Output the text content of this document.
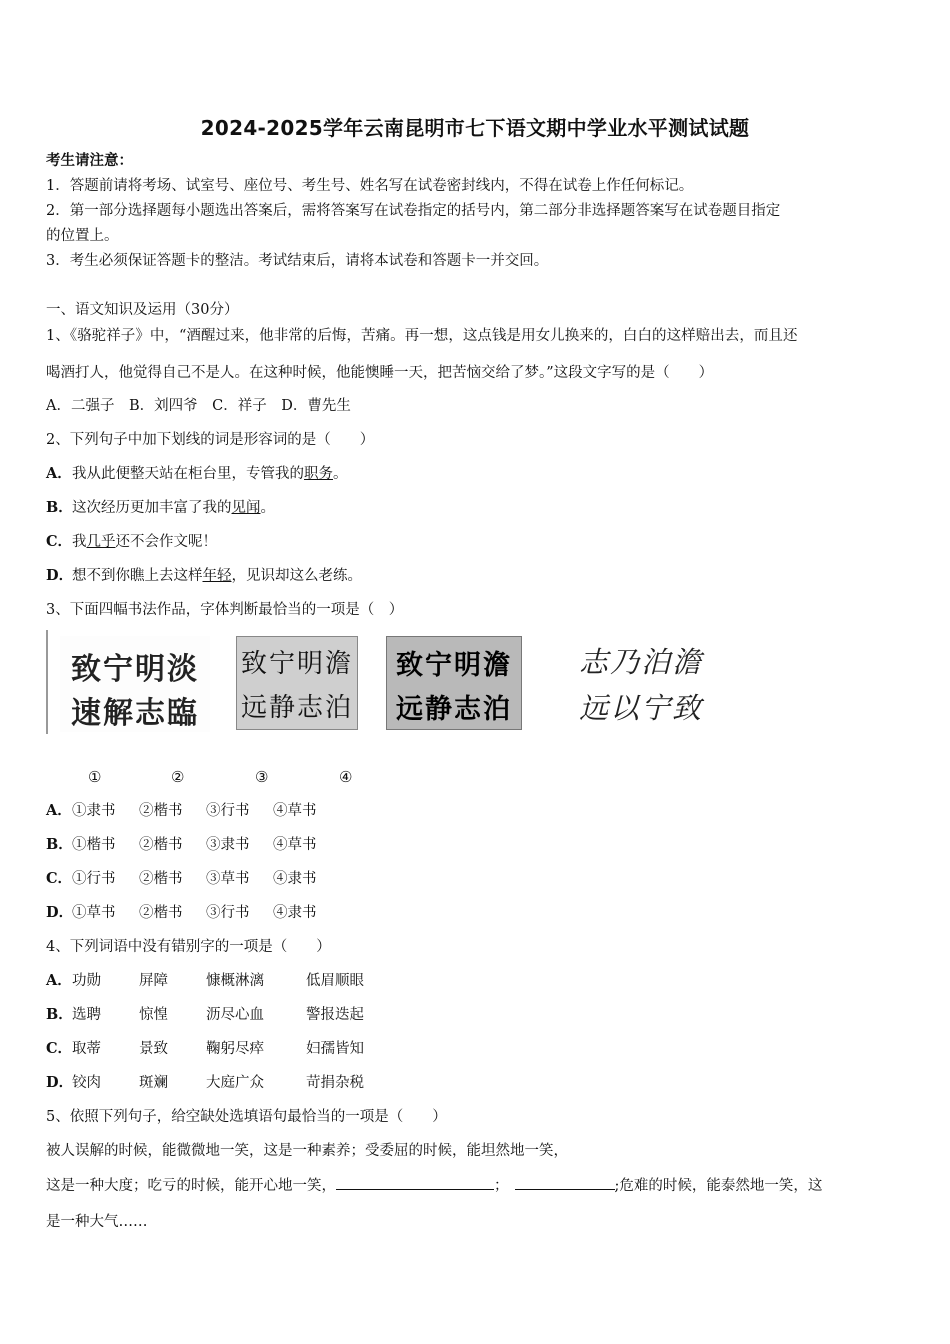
2024-2025学年云南昆明市七下语文期中学业水平测试试题
考生请注意：
1．答题前请将考场、试室号、座位号、考生号、姓名写在试卷密封线内，不得在试卷上作任何标记。
2．第一部分选择题每小题选出答案后，需将答案写在试卷指定的括号内，第二部分非选择题答案写在试卷题目指定
的位置上。
3．考生必须保证答题卡的整洁。考试结束后，请将本试卷和答题卡一并交回。
一、语文知识及运用（30分）
1、《骆驼祥子》中，“酒醒过来，他非常的后悔，苦痛。再一想，这点钱是用女儿换来的，白白的这样赔出去，而且还
喝酒打人，他觉得自己不是人。在这种时候，他能懊睡一天，把苦恼交给了梦。”这段文字写的是（　　）
A．二强子　B．刘四爷　C．祥子　D．曹先生
2、下列句子中加下划线的词是形容词的是（　　）
A．我从此便整天站在柜台里，专管我的职务。
B．这次经历更加丰富了我的见闻。
C．我几乎还不会作文呢！
D．想不到你瞧上去这样年轻，见识却这么老练。
3、下面四幅书法作品，字体判断最恰当的一项是（　）
致宁明淡
速解志臨
致宁明澹
远静志泊
致宁明澹
远静志泊
志乃泊澹
远以宁致
①	②	③	④
A．①隶书 ②楷书 ③行书 ④草书
B．①楷书 ②楷书 ③隶书 ④草书
C．①行书 ②楷书 ③草书 ④隶书
D．①草书 ②楷书 ③行书 ④隶书
4、下列词语中没有错别字的一项是（　　）
A．功勋	屏障	慷概淋漓	低眉顺眼
B．选聘	惊惶	沥尽心血	警报迭起
C．取蒂	景致	鞠躬尽瘁	妇孺皆知
D．铰肉	斑斓	大庭广众	苛捐杂税
5、依照下列句子，给空缺处选填语句最恰当的一项是（　　）
被人误解的时候，能微微地一笑，这是一种素养；受委屈的时候，能坦然地一笑，
这是一种大度；吃亏的时候，能开心地一笑，	；	;危难的时候，能泰然地一笑，这
是一种大气……
